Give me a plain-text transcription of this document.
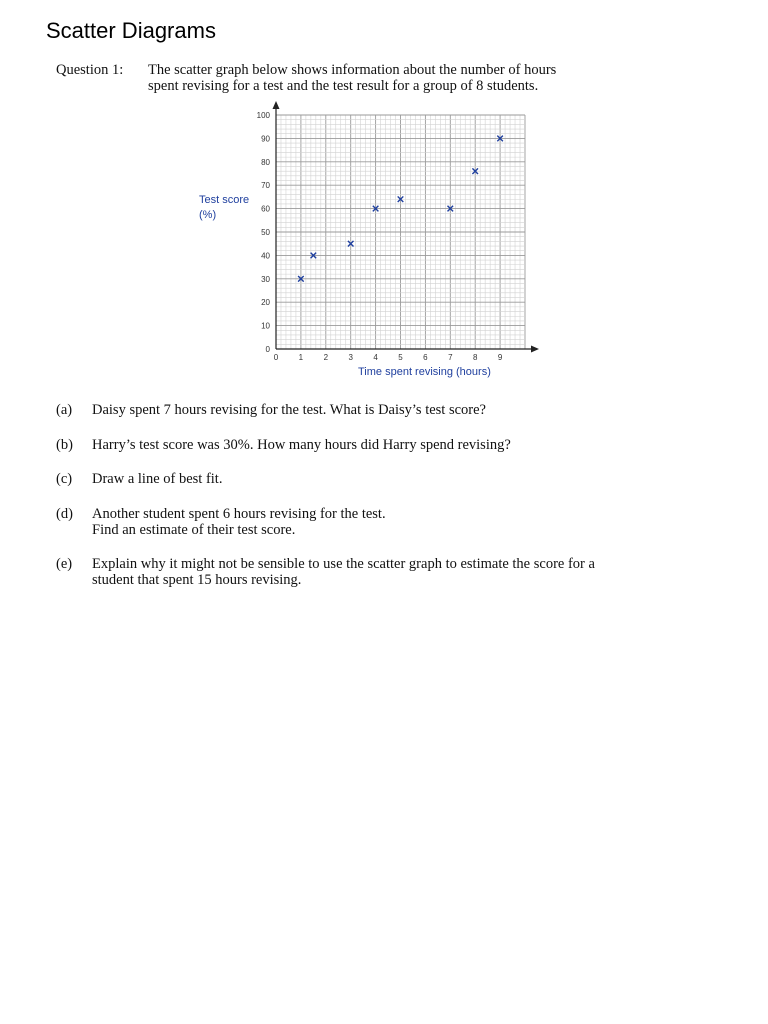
Scatter Diagrams
Question 1: The scatter graph below shows information about the number of hours
spent revising for a test and the test result for a group of 8 students.
0
10
20
30
40
50
60
70
80
90
100
0	1	2	3	4	5	6	7	8	9
Test score
(%)
Time spent revising (hours)
(a)	Daisy spent 7 hours revising for the test. What is Daisy’s test score?
(b)	Harry’s test score was 30%. How many hours did Harry spend revising?
(c)	Draw a line of best fit.
(d)	Another student spent 6 hours revising for the test.
Find an estimate of their test score.
(e)	Explain why it might not be sensible to use the scatter graph to estimate the score for a
student that spent 15 hours revising.
